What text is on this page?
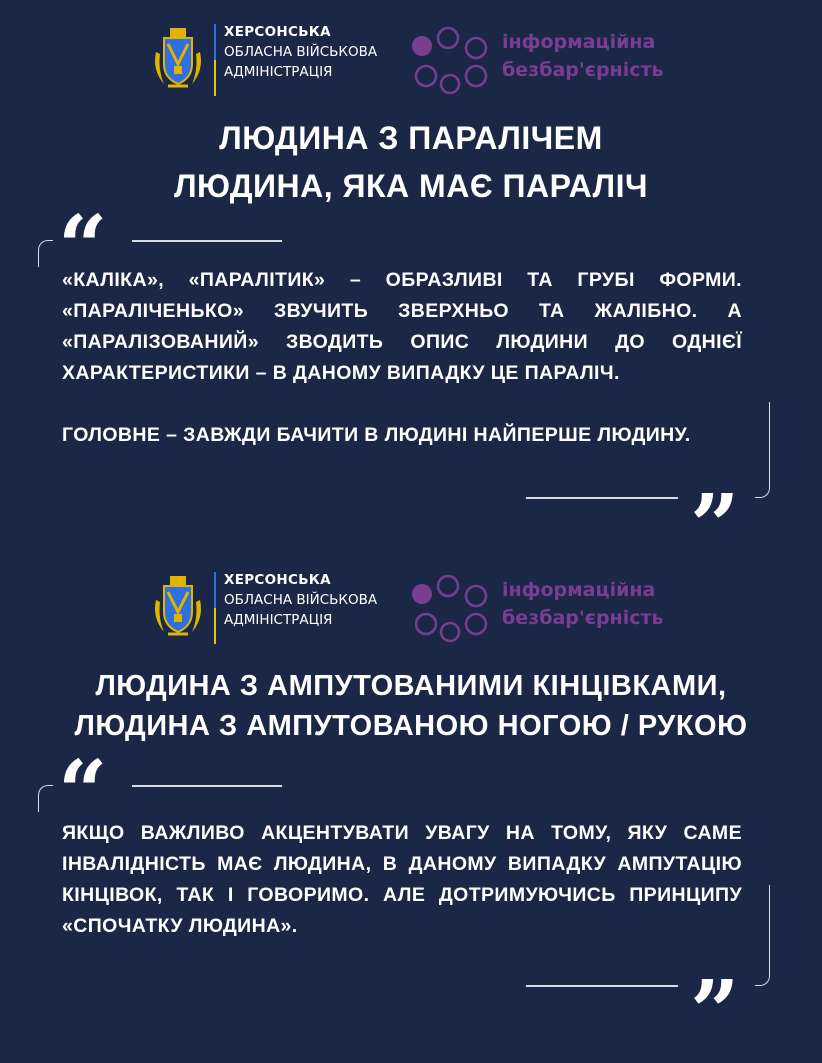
ХЕРСОНСЬКА
ОБЛАСНА ВІЙСЬКОВА
АДМІНІСТРАЦІЯ
інформаційна
безбар'єрність
ЛЮДИНА З ПАРАЛІЧЕМ
ЛЮДИНА, ЯКА МАЄ ПАРАЛІЧ
“

«КАЛІКА», «ПАРАЛІТИК» – ОБРАЗЛИВІ ТА ГРУБІ ФОРМИ. «ПАРАЛІЧЕНЬКО» ЗВУЧИТЬ ЗВЕРХНЬО ТА ЖАЛІБНО. А «ПАРАЛІЗОВАНИЙ» ЗВОДИТЬ ОПИС ЛЮДИНИ ДО ОДНІЄЇ ХАРАКТЕРИСТИКИ – В ДАНОМУ ВИПАДКУ ЦЕ ПАРАЛІЧ.

ГОЛОВНЕ – ЗАВЖДИ БАЧИТИ В ЛЮДИНІ НАЙПЕРШЕ ЛЮДИНУ.

”
ХЕРСОНСЬКА
ОБЛАСНА ВІЙСЬКОВА
АДМІНІСТРАЦІЯ
інформаційна
безбар'єрність
ЛЮДИНА З АМПУТОВАНИМИ КІНЦІВКАМИ,
ЛЮДИНА З АМПУТОВАНОЮ НОГОЮ / РУКОЮ
“

ЯКЩО ВАЖЛИВО АКЦЕНТУВАТИ УВАГУ НА ТОМУ, ЯКУ САМЕ ІНВАЛІДНІСТЬ МАЄ ЛЮДИНА, В ДАНОМУ ВИПАДКУ АМПУТАЦІЮ КІНЦІВОК, ТАК І ГОВОРИМО. АЛЕ ДОТРИМУЮЧИСЬ ПРИНЦИПУ «СПОЧАТКУ ЛЮДИНА».

”
